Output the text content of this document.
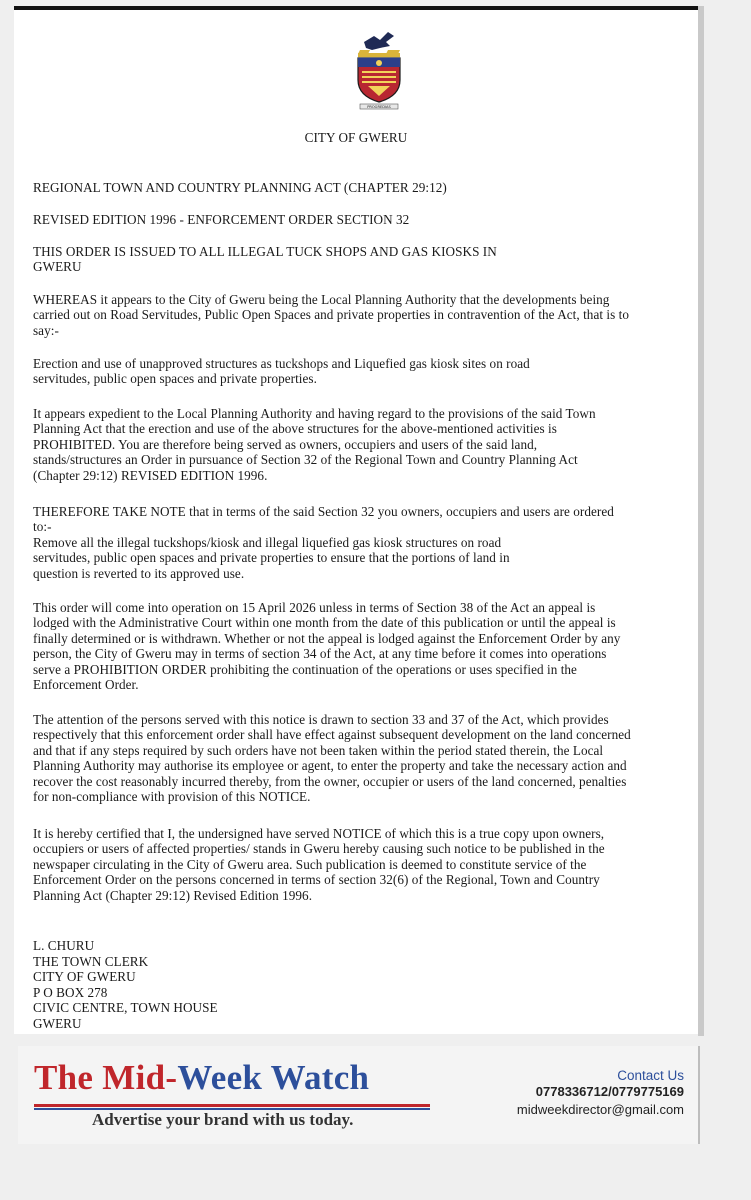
PROGREDIAS

CITY OF GWERU

REGIONAL TOWN AND COUNTRY PLANNING ACT (CHAPTER 29:12)

REVISED EDITION 1996 - ENFORCEMENT ORDER SECTION 32

THIS ORDER IS ISSUED TO ALL ILLEGAL TUCK SHOPS AND GAS KIOSKS IN
GWERU

WHEREAS it appears to the City of Gweru being the Local Planning Authority that the developments being
carried out on Road Servitudes, Public Open Spaces and private properties in contravention of the Act, that is to
say:-

Erection and use of unapproved structures as tuckshops and Liquefied gas kiosk sites on road
servitudes, public open spaces and private properties.

It appears expedient to the Local Planning Authority and having regard to the provisions of the said Town
Planning Act that the erection and use of the above structures for the above-mentioned activities is
PROHIBITED. You are therefore being served as owners, occupiers and users of the said land,
stands/structures an Order in pursuance of Section 32 of the Regional Town and Country Planning Act
(Chapter 29:12) REVISED EDITION 1996.

THEREFORE TAKE NOTE that in terms of the said Section 32 you owners, occupiers and users are ordered
to:-
Remove all the illegal tuckshops/kiosk and illegal liquefied gas kiosk structures on road
servitudes, public open spaces and private properties to ensure that the portions of land in
question is reverted to its approved use.

This order will come into operation on 15 April 2026 unless in terms of Section 38 of the Act an appeal is
lodged with the Administrative Court within one month from the date of this publication or until the appeal is
finally determined or is withdrawn. Whether or not the appeal is lodged against the Enforcement Order by any
person, the City of Gweru may in terms of section 34 of the Act, at any time before it comes into operations
serve a PROHIBITION ORDER prohibiting the continuation of the operations or uses specified in the
Enforcement Order.

The attention of the persons served with this notice is drawn to section 33 and 37 of the Act, which provides
respectively that this enforcement order shall have effect against subsequent development on the land concerned
and that if any steps required by such orders have not been taken within the period stated therein, the Local
Planning Authority may authorise its employee or agent, to enter the property and take the necessary action and
recover the cost reasonably incurred thereby, from the owner, occupier or users of the land concerned, penalties
for non-compliance with provision of this NOTICE.

It is hereby certified that I, the undersigned have served NOTICE of which this is a true copy upon owners,
occupiers or users of affected properties/ stands in Gweru hereby causing such notice to be published in the
newspaper circulating in the City of Gweru area. Such publication is deemed to constitute service of the
Enforcement Order on the persons concerned in terms of section 32(6) of the Regional, Town and Country
Planning Act (Chapter 29:12) Revised Edition 1996.

L. CHURU
THE TOWN CLERK
CITY OF GWERU
P O BOX 278
CIVIC CENTRE, TOWN HOUSE
GWERU

The Mid-Week Watch

Advertise your brand with us today.
Contact Us
0778336712/0779775169
midweekdirector@gmail.com
